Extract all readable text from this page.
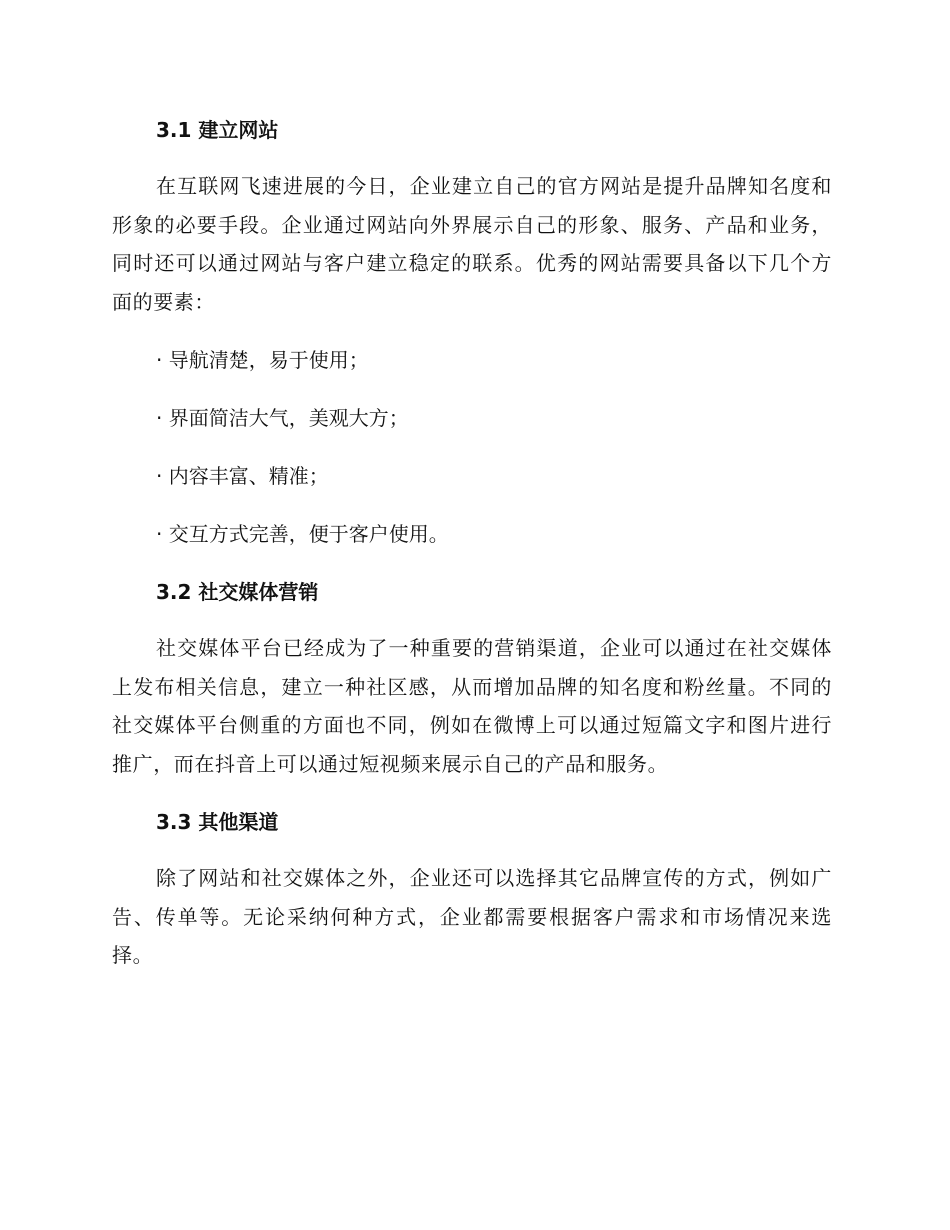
3.1 建立网站

在互联网飞速进展的今日，企业建立自己的官方网站是提升品牌知名度和形象的必要手段。企业通过网站向外界展示自己的形象、服务、产品和业务，同时还可以通过网站与客户建立稳定的联系。优秀的网站需要具备以下几个方面的要素：

· 导航清楚，易于使用；
· 界面简洁大气，美观大方；
· 内容丰富、精准；
· 交互方式完善，便于客户使用。
3.2 社交媒体营销

社交媒体平台已经成为了一种重要的营销渠道，企业可以通过在社交媒体上发布相关信息，建立一种社区感，从而增加品牌的知名度和粉丝量。不同的社交媒体平台侧重的方面也不同，例如在微博上可以通过短篇文字和图片进行推广，而在抖音上可以通过短视频来展示自己的产品和服务。

3.3 其他渠道

除了网站和社交媒体之外，企业还可以选择其它品牌宣传的方式，例如广告、传单等。无论采纳何种方式，企业都需要根据客户需求和市场情况来选择。
